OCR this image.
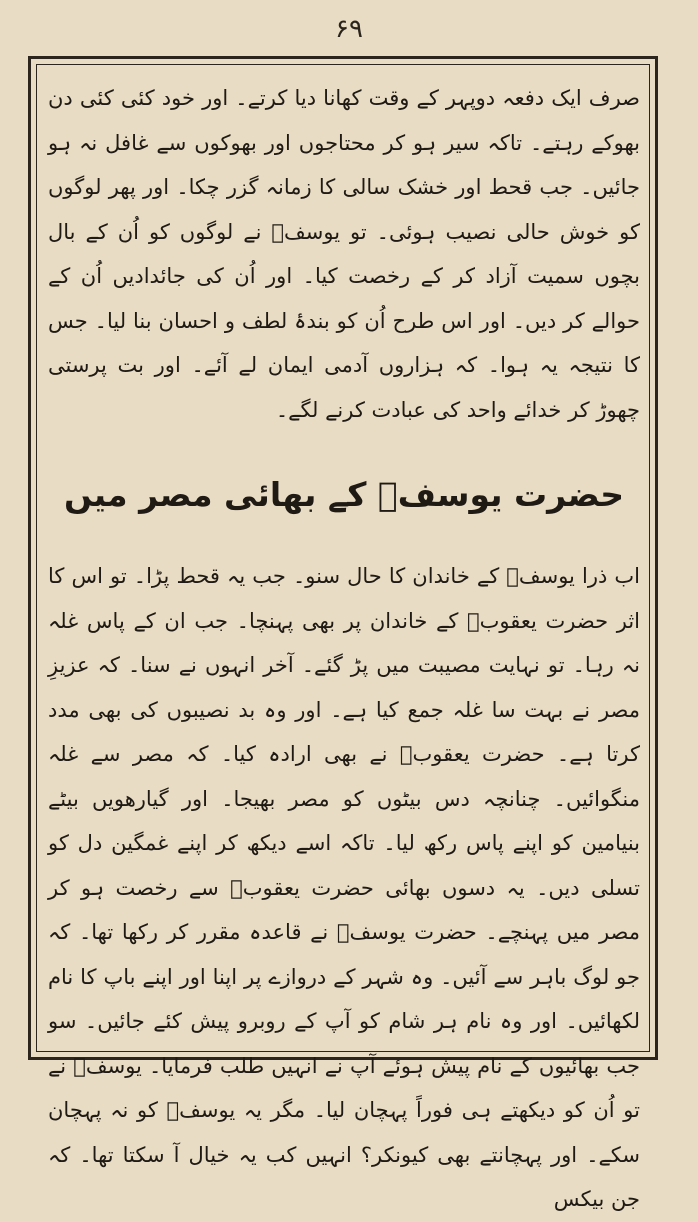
۶۹

صرف ایک دفعہ دوپہر کے وقت کھانا دیا کرتے۔ اور خود کئی کئی دن بھوکے رہتے۔ تاکہ سیر ہو کر محتاجوں اور بھوکوں سے غافل نہ ہو جائیں۔ جب قحط اور خشک سالی کا زمانہ گزر چکا۔ اور پھر لوگوں کو خوش حالی نصیب ہوئی۔ تو یوسفؑ نے لوگوں کو اُن کے بال بچوں سمیت آزاد کر کے رخصت کیا۔ اور اُن کی جائدادیں اُن کے حوالے کر دیں۔ اور اس طرح اُن کو بندۂ لطف و احسان بنا لیا۔ جس کا نتیجہ یہ ہوا۔ کہ ہزاروں آدمی ایمان لے آئے۔ اور بت پرستی چھوڑ کر خدائے واحد کی عبادت کرنے لگے۔

حضرت یوسفؑ کے بھائی مصر میں

اب ذرا یوسفؑ کے خاندان کا حال سنو۔ جب یہ قحط پڑا۔ تو اس کا اثر حضرت یعقوبؑ کے خاندان پر بھی پہنچا۔ جب ان کے پاس غلہ نہ رہا۔ تو نہایت مصیبت میں پڑ گئے۔ آخر انہوں نے سنا۔ کہ عزیزِ مصر نے بہت سا غلہ جمع کیا ہے۔ اور وہ بد نصیبوں کی بھی مدد کرتا ہے۔ حضرت یعقوبؑ نے بھی ارادہ کیا۔ کہ مصر سے غلہ منگوائیں۔ چنانچہ دس بیٹوں کو مصر بھیجا۔ اور گیارھویں بیٹے بنیامین کو اپنے پاس رکھ لیا۔ تاکہ اسے دیکھ کر اپنے غمگین دل کو تسلی دیں۔ یہ دسوں بھائی حضرت یعقوبؑ سے رخصت ہو کر مصر میں پہنچے۔ حضرت یوسفؑ نے قاعدہ مقرر کر رکھا تھا۔ کہ جو لوگ باہر سے آئیں۔ وہ شہر کے دروازے پر اپنا اور اپنے باپ کا نام لکھائیں۔ اور وہ نام ہر شام کو آپ کے روبرو پیش کئے جائیں۔ سو جب بھائیوں کے نام پیش ہوئے آپ نے انہیں طلب فرمایا۔ یوسفؑ نے تو اُن کو دیکھتے ہی فوراً پہچان لیا۔ مگر یہ یوسفؑ کو نہ پہچان سکے۔ اور پہچانتے بھی کیونکر؟ انہیں کب یہ خیال آ سکتا تھا۔ کہ جن بیکس
